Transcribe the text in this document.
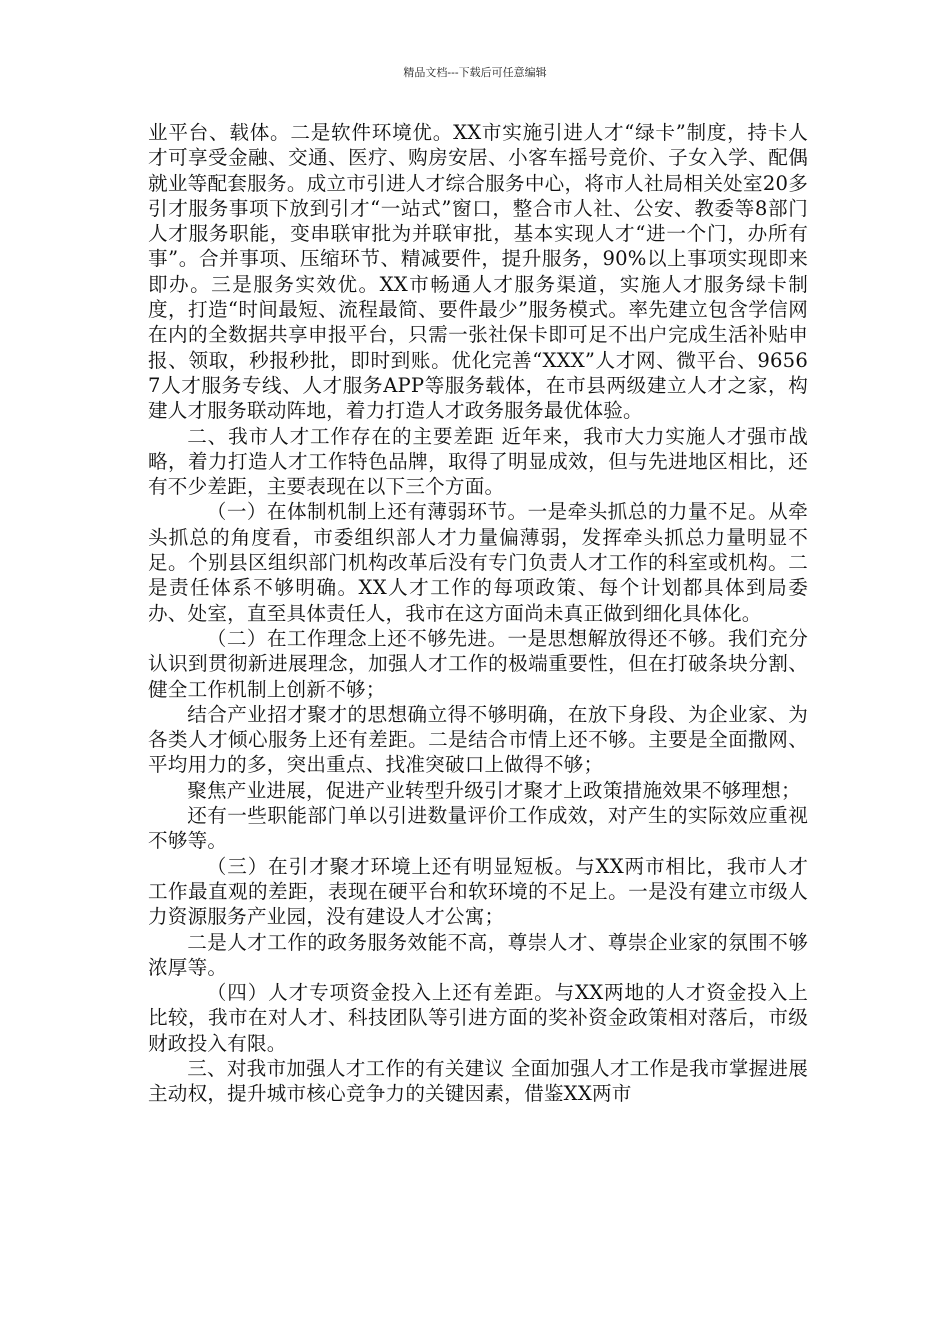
精品文档---下载后可任意编辑

业平台、载体。二是软件环境优。XX市实施引进人才“绿卡”制度，持卡人才可享受金融、交通、医疗、购房安居、小客车摇号竞价、子女入学、配偶就业等配套服务。成立市引进人才综合服务中心，将市人社局相关处室20多引才服务事项下放到引才“一站式”窗口，整合市人社、公安、教委等8部门人才服务职能，变串联审批为并联审批，基本实现人才“进一个门，办所有事”。合并事项、压缩环节、精减要件，提升服务，90%以上事项实现即来即办。三是服务实效优。XX市畅通人才服务渠道，实施人才服务绿卡制度，打造“时间最短、流程最简、要件最少”服务模式。率先建立包含学信网在内的全数据共享申报平台，只需一张社保卡即可足不出户完成生活补贴申报、领取，秒报秒批，即时到账。优化完善“XXX”人才网、微平台、96567人才服务专线、人才服务APP等服务载体，在市县两级建立人才之家，构建人才服务联动阵地，着力打造人才政务服务最优体验。

二、我市人才工作存在的主要差距 近年来，我市大力实施人才强市战略，着力打造人才工作特色品牌，取得了明显成效，但与先进地区相比，还有不少差距，主要表现在以下三个方面。

（一）在体制机制上还有薄弱环节。一是牵头抓总的力量不足。从牵头抓总的角度看，市委组织部人才力量偏薄弱，发挥牵头抓总力量明显不足。个别县区组织部门机构改革后没有专门负责人才工作的科室或机构。二是责任体系不够明确。XX人才工作的每项政策、每个计划都具体到局委办、处室，直至具体责任人，我市在这方面尚未真正做到细化具体化。

（二）在工作理念上还不够先进。一是思想解放得还不够。我们充分认识到贯彻新进展理念，加强人才工作的极端重要性，但在打破条块分割、健全工作机制上创新不够；

结合产业招才聚才的思想确立得不够明确，在放下身段、为企业家、为各类人才倾心服务上还有差距。二是结合市情上还不够。主要是全面撒网、平均用力的多，突出重点、找准突破口上做得不够；

聚焦产业进展，促进产业转型升级引才聚才上政策措施效果不够理想；

还有一些职能部门单以引进数量评价工作成效，对产生的实际效应重视不够等。

（三）在引才聚才环境上还有明显短板。与XX两市相比，我市人才工作最直观的差距，表现在硬平台和软环境的不足上。一是没有建立市级人力资源服务产业园，没有建设人才公寓；

二是人才工作的政务服务效能不高，尊崇人才、尊崇企业家的氛围不够浓厚等。

（四）人才专项资金投入上还有差距。与XX两地的人才资金投入上比较，我市在对人才、科技团队等引进方面的奖补资金政策相对落后，市级财政投入有限。

三、对我市加强人才工作的有关建议 全面加强人才工作是我市掌握进展主动权，提升城市核心竞争力的关键因素，借鉴XX两市
